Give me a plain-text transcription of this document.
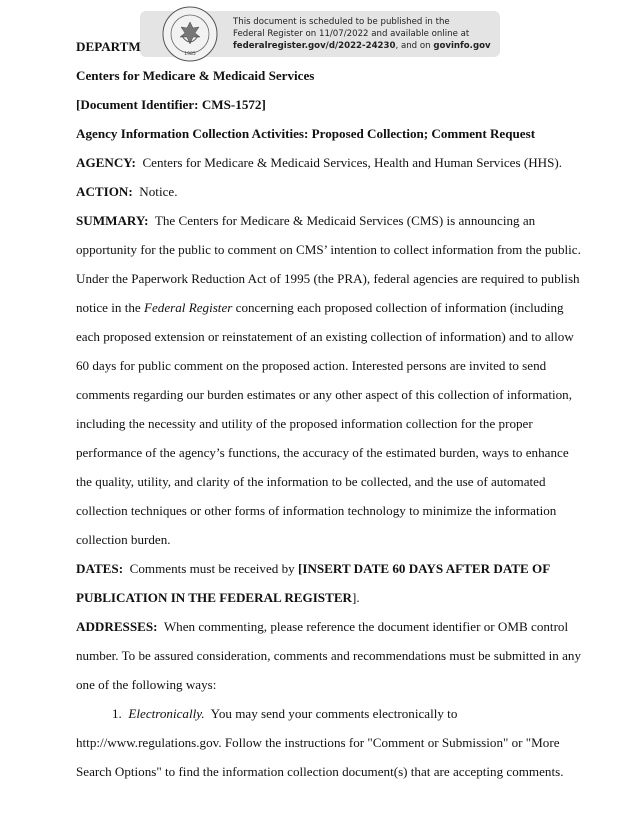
1985
This document is scheduled to be published in the
Federal Register on 11/07/2022 and available online at
federalregister.gov/d/2022-24230, and on govinfo.gov
DEPARTM
Centers for Medicare & Medicaid Services
[Document Identifier: CMS-1572]
Agency Information Collection Activities: Proposed Collection; Comment Request
AGENCY: Centers for Medicare & Medicaid Services, Health and Human Services (HHS).
ACTION: Notice.
SUMMARY: The Centers for Medicare & Medicaid Services (CMS) is announcing an
opportunity for the public to comment on CMS’ intention to collect information from the public.
Under the Paperwork Reduction Act of 1995 (the PRA), federal agencies are required to publish
notice in the Federal Register concerning each proposed collection of information (including
each proposed extension or reinstatement of an existing collection of information) and to allow
60 days for public comment on the proposed action. Interested persons are invited to send
comments regarding our burden estimates or any other aspect of this collection of information,
including the necessity and utility of the proposed information collection for the proper
performance of the agency’s functions, the accuracy of the estimated burden, ways to enhance
the quality, utility, and clarity of the information to be collected, and the use of automated
collection techniques or other forms of information technology to minimize the information
collection burden.
DATES: Comments must be received by [INSERT DATE 60 DAYS AFTER DATE OF
PUBLICATION IN THE FEDERAL REGISTER].
ADDRESSES: When commenting, please reference the document identifier or OMB control
number. To be assured consideration, comments and recommendations must be submitted in any
one of the following ways:
1. Electronically.  You may send your comments electronically to
http://www.regulations.gov. Follow the instructions for "Comment or Submission" or "More
Search Options" to find the information collection document(s) that are accepting comments.
